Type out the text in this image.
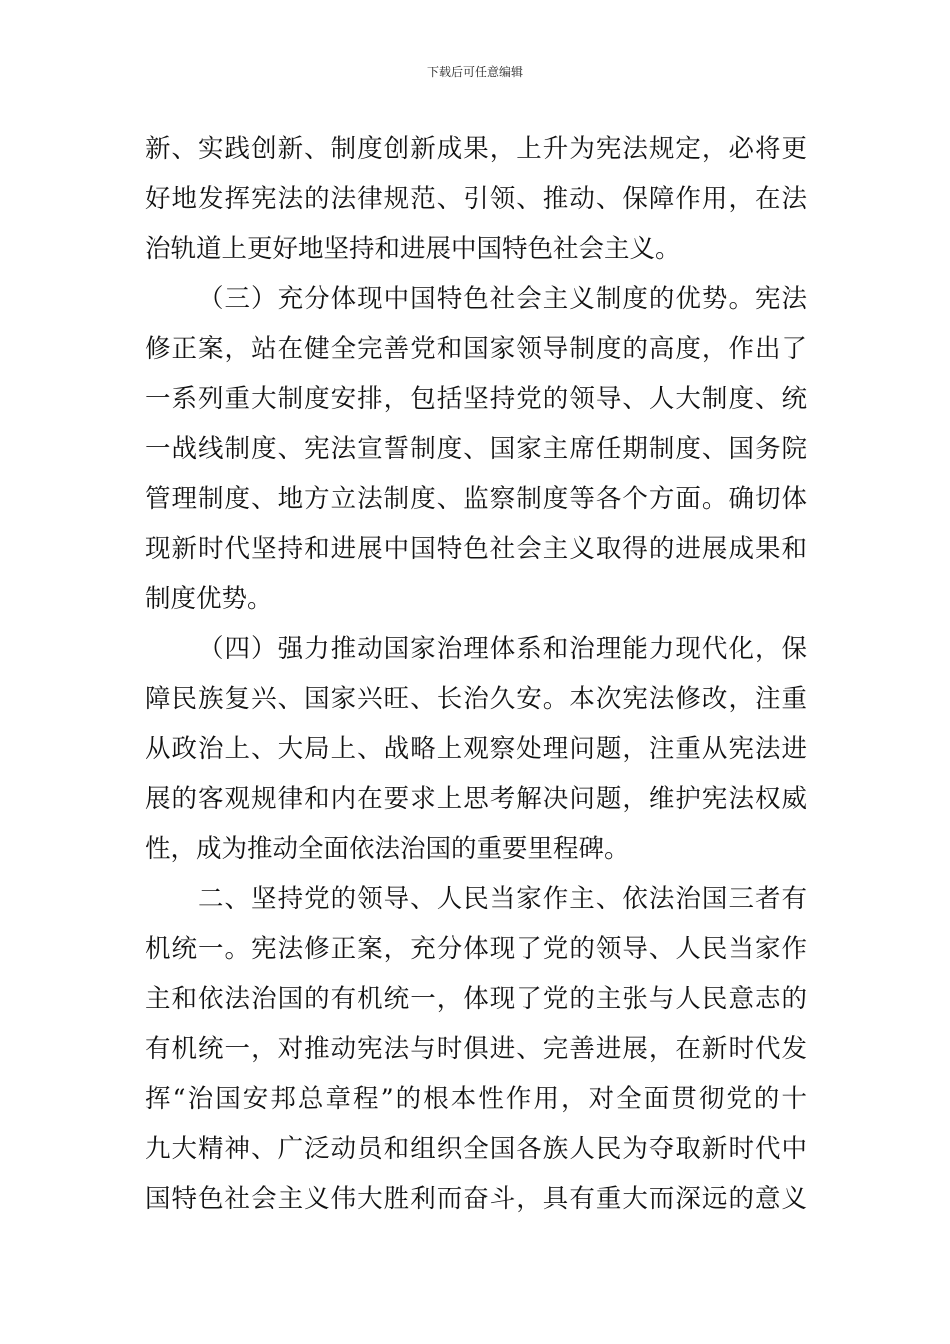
下载后可任意编辑
新、实践创新、制度创新成果，上升为宪法规定，必将更
好地发挥宪法的法律规范、引领、推动、保障作用，在法
治轨道上更好地坚持和进展中国特色社会主义。
（三）充分体现中国特色社会主义制度的优势。宪法
修正案，站在健全完善党和国家领导制度的高度，作出了
一系列重大制度安排，包括坚持党的领导、人大制度、统
一战线制度、宪法宣誓制度、国家主席任期制度、国务院
管理制度、地方立法制度、监察制度等各个方面。确切体
现新时代坚持和进展中国特色社会主义取得的进展成果和
制度优势。
（四）强力推动国家治理体系和治理能力现代化，保
障民族复兴、国家兴旺、长治久安。本次宪法修改，注重
从政治上、大局上、战略上观察处理问题，注重从宪法进
展的客观规律和内在要求上思考解决问题，维护宪法权威
性，成为推动全面依法治国的重要里程碑。
二、坚持党的领导、人民当家作主、依法治国三者有
机统一。宪法修正案，充分体现了党的领导、人民当家作
主和依法治国的有机统一，体现了党的主张与人民意志的
有机统一，对推动宪法与时俱进、完善进展，在新时代发
挥“治国安邦总章程”的根本性作用，对全面贯彻党的十
九大精神、广泛动员和组织全国各族人民为夺取新时代中
国特色社会主义伟大胜利而奋斗，具有重大而深远的意义
